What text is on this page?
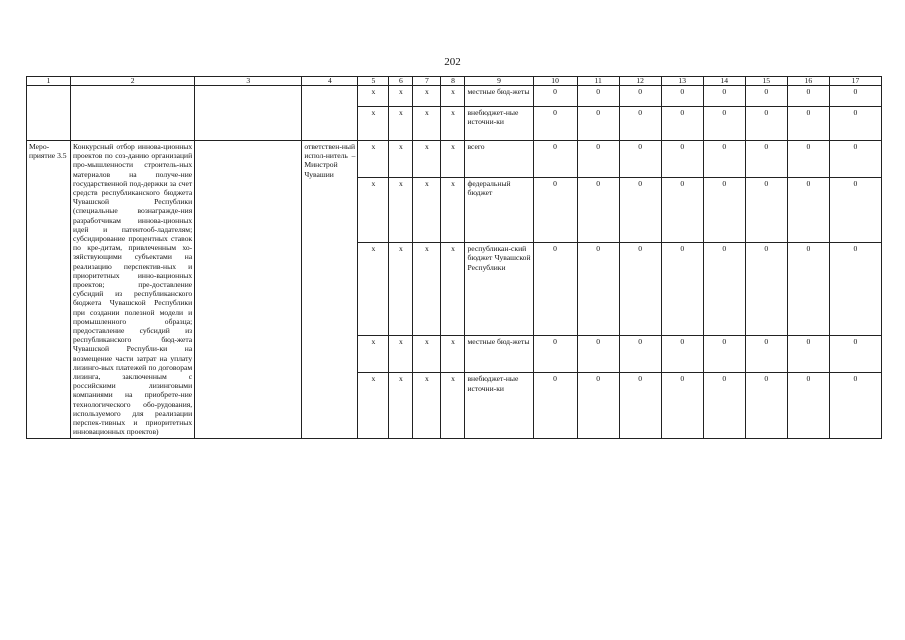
202
1	2	3	4	5	6	7	8	9	10	11	12	13	14	15	16	17
				х	х	х	х	местные бюд-жеты	0	0	0	0	0	0	0	0
				х	х	х	х	внебюджет-ные источни-ки	0	0	0	0	0	0	0	0
Меро-приятие 3.5	Конкурсный отбор иннова-ционных проектов по соз-данию организаций про-мышленности строитель-ных материалов на получе-ние государственной под-держки за счет средств республиканского бюджета Чувашской Республики (специальные вознагражде-ния разработчикам иннова-ционных идей и патентооб-ладателям; субсидирование процентных ставок по кре-дитам, привлеченным хо-зяйствующими субъектами на реализацию перспектив-ных и приоритетных инно-вационных проектов; пре-доставление субсидий из республиканского бюджета Чувашской Республики при создании полезной модели и промышленного образца; предоставление субсидий из республиканского бюд-жета Чувашской Республи-ки на возмещение части затрат на уплату лизинго-вых платежей по договорам лизинга, заключенным с российскими лизинговыми компаниями на приобрете-ние технологического обо-рудования, используемого для реализации перспек-тивных и приоритетных инновационных проектов)		ответствен-ный испол-нитель – Минстрой Чувашии	х	х	х	х	всего	0	0	0	0	0	0	0	0
				х	х	х	х	федеральный бюджет	0	0	0	0	0	0	0	0
				х	х	х	х	республикан-ский бюджет Чувашской Республики	0	0	0	0	0	0	0	0
				х	х	х	х	местные бюд-жеты	0	0	0	0	0	0	0	0
				х	х	х	х	внебюджет-ные источни-ки	0	0	0	0	0	0	0	0
